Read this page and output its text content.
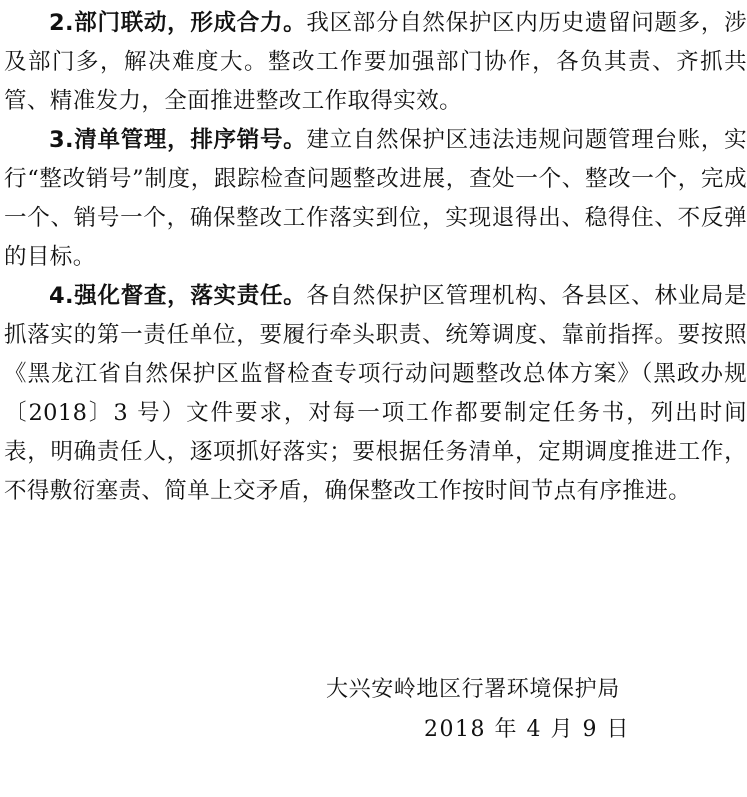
2.部门联动，形成合力。我区部分自然保护区内历史遗留问题多，涉及部门多，解决难度大。整改工作要加强部门协作，各负其责、齐抓共管、精准发力，全面推进整改工作取得实效。

3.清单管理，排序销号。建立自然保护区违法违规问题管理台账，实行“整改销号”制度，跟踪检查问题整改进展，查处一个、整改一个，完成一个、销号一个，确保整改工作落实到位，实现退得出、稳得住、不反弹的目标。

4.强化督查，落实责任。各自然保护区管理机构、各县区、林业局是抓落实的第一责任单位，要履行牵头职责、统筹调度、靠前指挥。要按照《黑龙江省自然保护区监督检查专项行动问题整改总体方案》（黑政办规〔2018〕3 号）文件要求，对每一项工作都要制定任务书，列出时间表，明确责任人，逐项抓好落实；要根据任务清单，定期调度推进工作，不得敷衍塞责、简单上交矛盾，确保整改工作按时间节点有序推进。

大兴安岭地区行署环境保护局
2018 年 4 月 9 日
